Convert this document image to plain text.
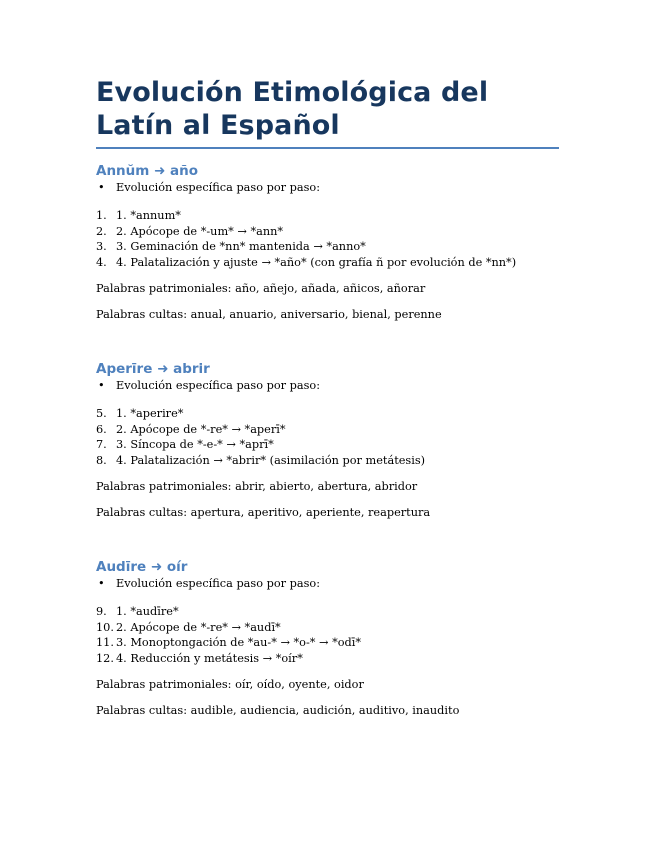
Evolución Etimológica del Latín al Español
Annŭm ➜ año
• Evolución específica paso por paso:
1. 1. *annum*
2. 2. Apócope de *-um* → *ann*
3. 3. Geminación de *nn* mantenida → *anno*
4. 4. Palatalización y ajuste → *año* (con grafía ñ por evolución de *nn*)

Palabras patrimoniales: año, añejo, añada, añicos, añorar

Palabras cultas: anual, anuario, aniversario, bienal, perenne

Aperīre ➜ abrir
• Evolución específica paso por paso:
5. 1. *aperire*
6. 2. Apócope de *-re* → *aperī*
7. 3. Síncopa de *-e-* → *aprī*
8. 4. Palatalización → *abrir* (asimilación por metátesis)

Palabras patrimoniales: abrir, abierto, abertura, abridor

Palabras cultas: apertura, aperitivo, aperiente, reapertura

Audīre ➜ oír
• Evolución específica paso por paso:
9. 1. *audīre*
10. 2. Apócope de *-re* → *audī*
11. 3. Monoptongación de *au-* → *o-* → *odī*
12. 4. Reducción y metátesis → *oír*

Palabras patrimoniales: oír, oído, oyente, oidor

Palabras cultas: audible, audiencia, audición, auditivo, inaudito
